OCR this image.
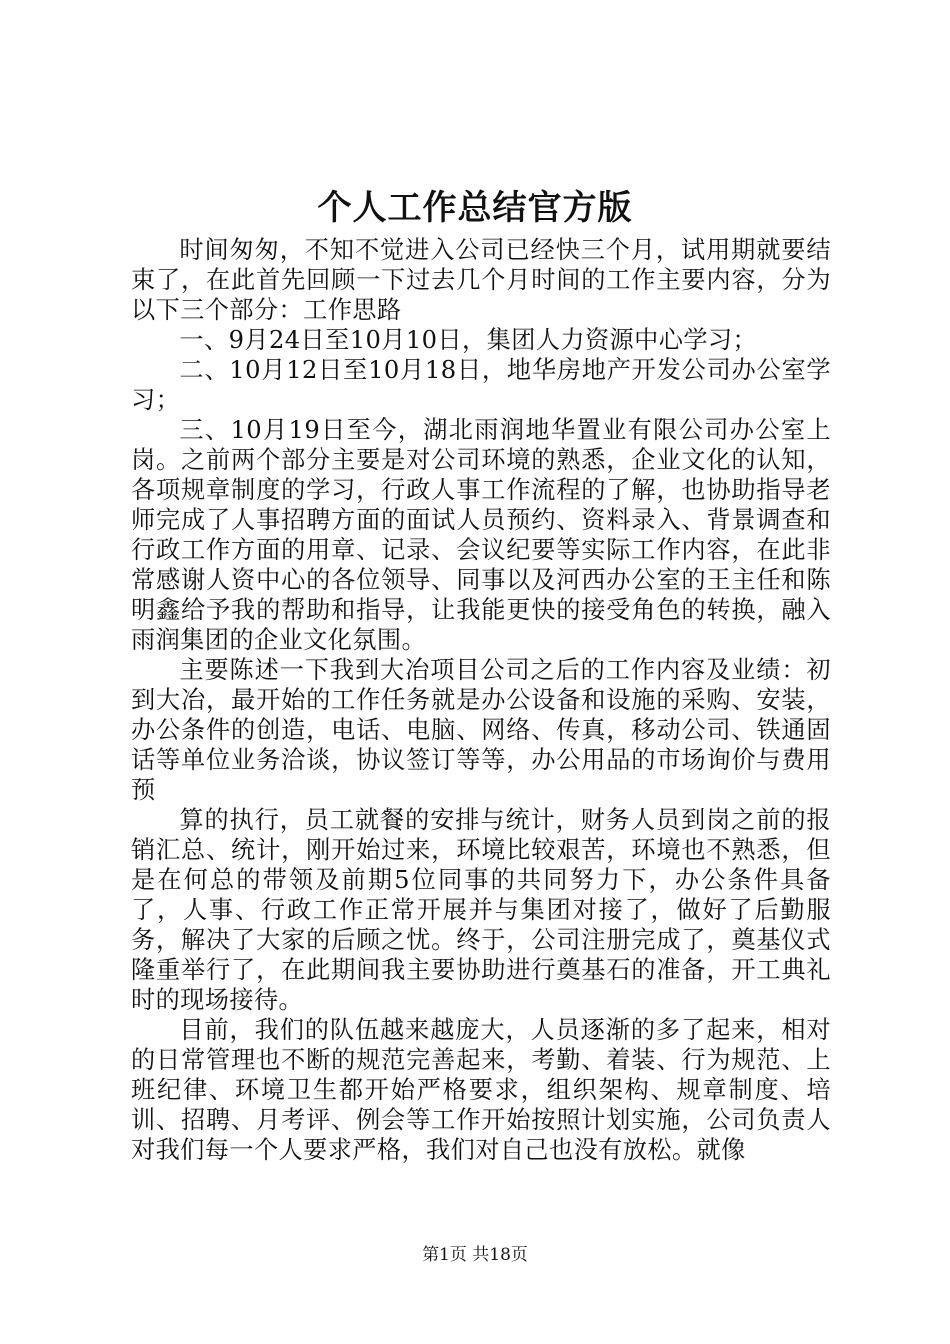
个人工作总结官方版

时间匆匆，不知不觉进入公司已经快三个月，试用期就要结束了，在此首先回顾一下过去几个月时间的工作主要内容，分为以下三个部分：工作思路

一、9月24日至10月10日，集团人力资源中心学习；

二、10月12日至10月18日，地华房地产开发公司办公室学习；

三、10月19日至今，湖北雨润地华置业有限公司办公室上岗。之前两个部分主要是对公司环境的熟悉，企业文化的认知，各项规章制度的学习，行政人事工作流程的了解，也协助指导老师完成了人事招聘方面的面试人员预约、资料录入、背景调查和行政工作方面的用章、记录、会议纪要等实际工作内容，在此非常感谢人资中心的各位领导、同事以及河西办公室的王主任和陈明鑫给予我的帮助和指导，让我能更快的接受角色的转换，融入雨润集团的企业文化氛围。

主要陈述一下我到大冶项目公司之后的工作内容及业绩：初到大冶，最开始的工作任务就是办公设备和设施的采购、安装，办公条件的创造，电话、电脑、网络、传真，移动公司、铁通固话等单位业务洽谈，协议签订等等，办公用品的市场询价与费用预

算的执行，员工就餐的安排与统计，财务人员到岗之前的报销汇总、统计，刚开始过来，环境比较艰苦，环境也不熟悉，但是在何总的带领及前期5位同事的共同努力下，办公条件具备了，人事、行政工作正常开展并与集团对接了，做好了后勤服务，解决了大家的后顾之忧。终于，公司注册完成了，奠基仪式隆重举行了，在此期间我主要协助进行奠基石的准备，开工典礼时的现场接待。

目前，我们的队伍越来越庞大，人员逐渐的多了起来，相对的日常管理也不断的规范完善起来，考勤、着装、行为规范、上班纪律、环境卫生都开始严格要求，组织架构、规章制度、培训、招聘、月考评、例会等工作开始按照计划实施，公司负责人对我们每一个人要求严格，我们对自己也没有放松。就像

第1页 共18页
